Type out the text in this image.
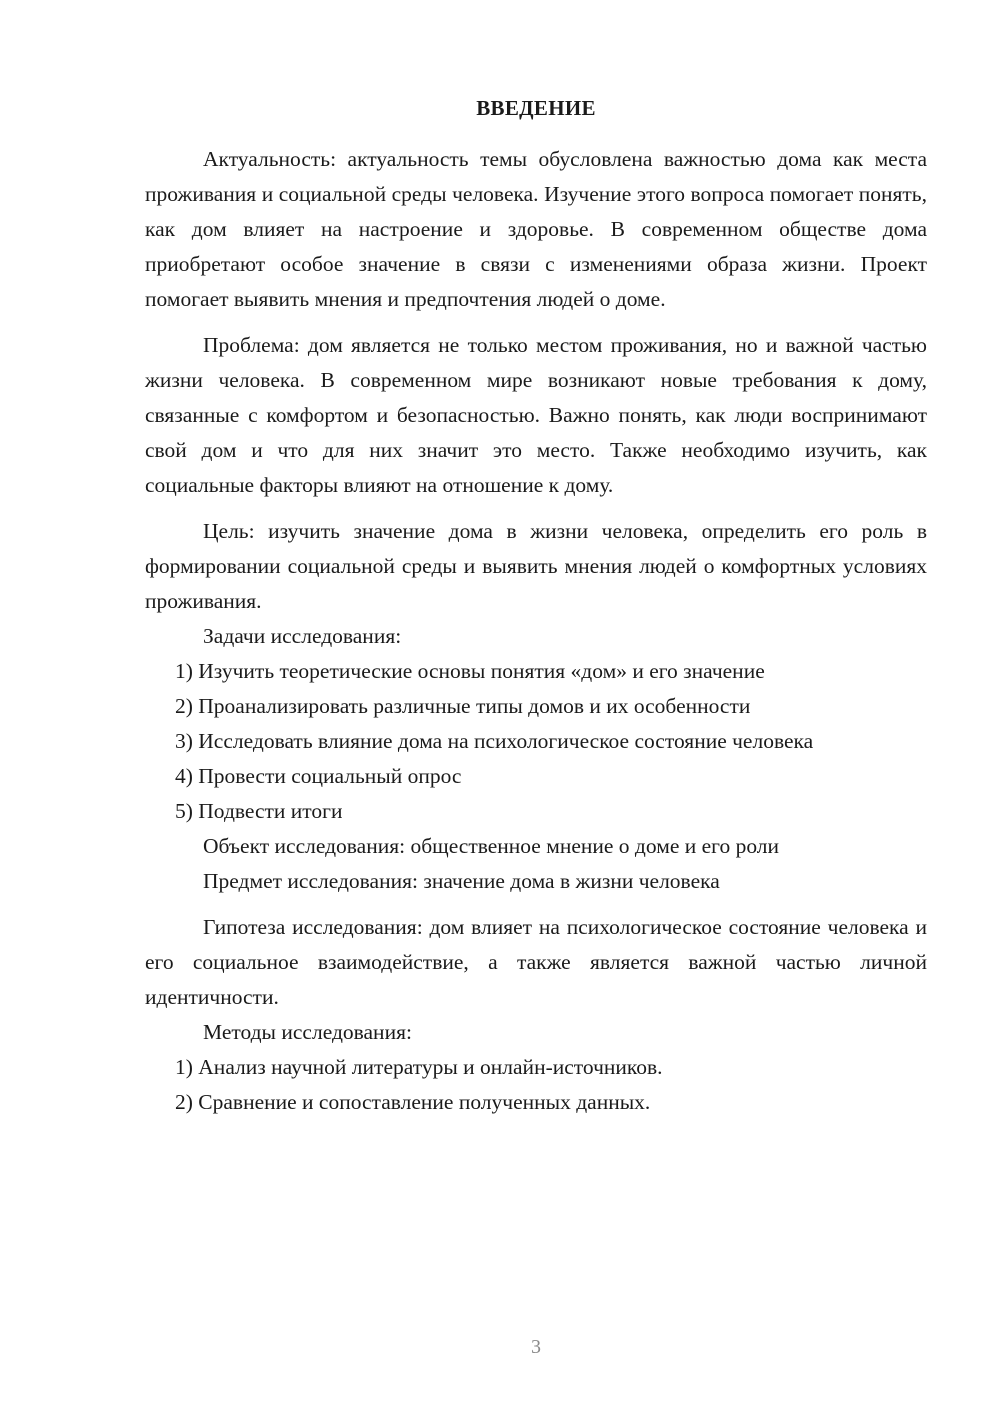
ВВЕДЕНИЕ

Актуальность: актуальность темы обусловлена важностью дома как места проживания и социальной среды человека. Изучение этого вопроса помогает понять, как дом влияет на настроение и здоровье. В современном обществе дома приобретают особое значение в связи с изменениями образа жизни. Проект помогает выявить мнения и предпочтения людей о доме.

Проблема: дом является не только местом проживания, но и важной частью жизни человека. В современном мире возникают новые требования к дому, связанные с комфортом и безопасностью. Важно понять, как люди воспринимают свой дом и что для них значит это место. Также необходимо изучить, как социальные факторы влияют на отношение к дому.

Цель: изучить значение дома в жизни человека, определить его роль в формировании социальной среды и выявить мнения людей о комфортных условиях проживания.

Задачи исследования:

1) Изучить теоретические основы понятия «дом» и его значение

2) Проанализировать различные типы домов и их особенности

3) Исследовать влияние дома на психологическое состояние человека

4) Провести социальный опрос

5) Подвести итоги

Объект исследования: общественное мнение о доме и его роли

Предмет исследования: значение дома в жизни человека

Гипотеза исследования: дом влияет на психологическое состояние человека и его социальное взаимодействие, а также является важной частью личной идентичности.

Методы исследования:

1) Анализ научной литературы и онлайн-источников.

2) Сравнение и сопоставление полученных данных.

3
